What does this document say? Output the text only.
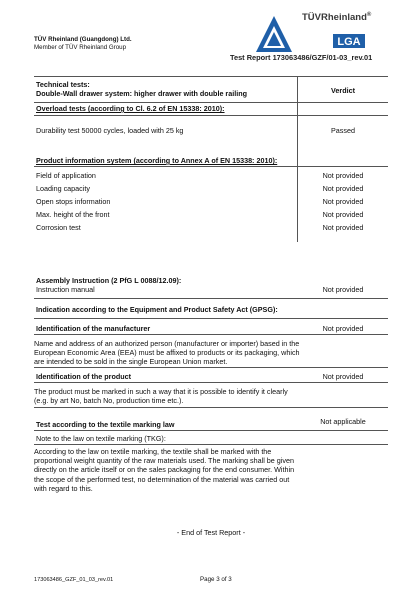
TÜV Rheinland (Guangdong) Ltd.
Member of TÜV Rheinland Group
TÜVRheinland®
LGA
Test Report 173063486/GZF/01-03_rev.01
Technical tests:
Double-Wall drawer system: higher drawer with double railing	Verdict
Overload tests (according to Cl. 6.2 of EN 15338: 2010):
Durability test 50000 cycles, loaded with 25 kg	Passed
Product information system (according to Annex A of EN 15338: 2010):
Field of application	Not provided
Loading capacity	Not provided
Open stops information	Not provided
Max. height of the front	Not provided
Corrosion test	Not provided
Assembly Instruction (2 PfG L 0088/12.09):
Instruction manual	Not provided
Indication according to the Equipment and Product Safety Act (GPSG):
Identification of the manufacturer	Not provided
Name and address of an authorized person (manufacturer or importer) based in the European Economic Area (EEA) must be affixed to products or its packaging, which are intended to be sold in the single European Union market.
Identification of the product	Not provided
The product must be marked in such a way that it is possible to identify it clearly (e.g. by art No, batch No, production time etc.).
Test according to the textile marking law	Not applicable
Note to the law on textile marking (TKG):
According to the law on textile marking, the textile shall be marked with the proportional weight quantity of the raw materials used. The marking shall be given directly on the article itself or on the sales packaging for the end consumer. Within the scope of the performed test, no determination of the material was carried out with regard to this.
- End of Test Report -
173063486_GZF_01_03_rev.01	Page 3 of 3
